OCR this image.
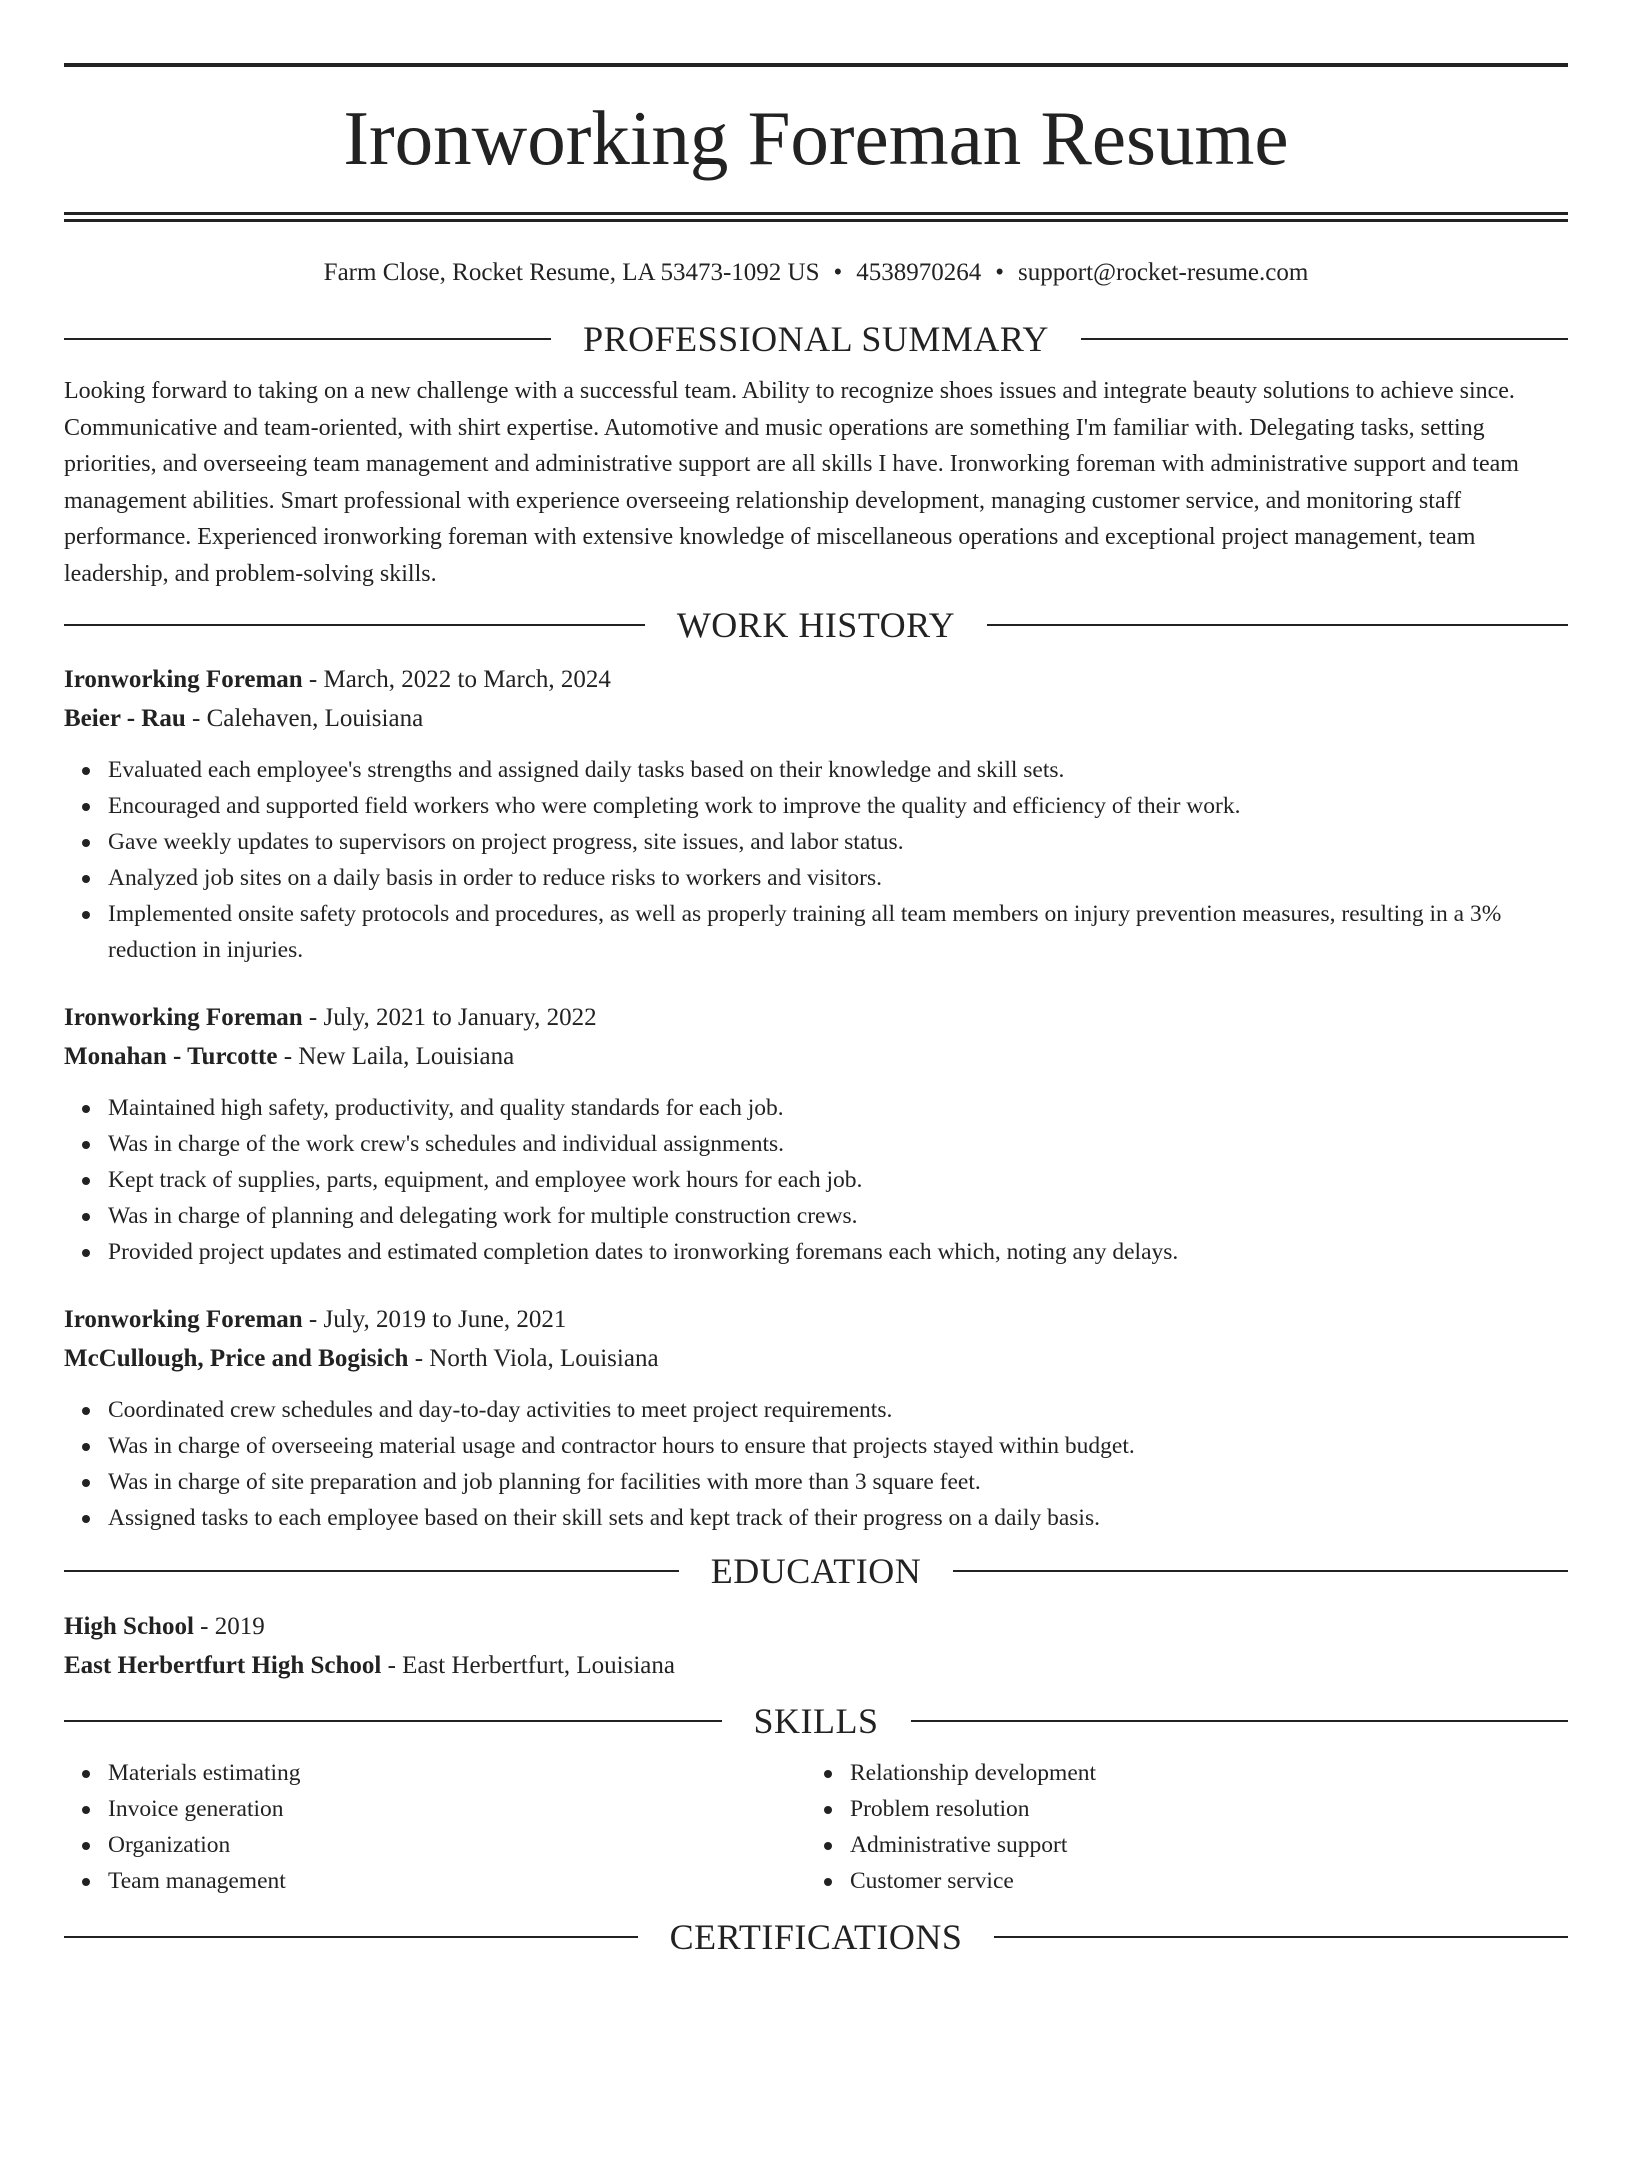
Ironworking Foreman Resume
Farm Close, Rocket Resume, LA 53473-1092 US • 4538970264 • support@rocket-resume.com
PROFESSIONAL SUMMARY

Looking forward to taking on a new challenge with a successful team. Ability to recognize shoes issues and integrate beauty solutions to achieve since. Communicative and team-oriented, with shirt expertise. Automotive and music operations are something I'm familiar with. Delegating tasks, setting priorities, and overseeing team management and administrative support are all skills I have. Ironworking foreman with administrative support and team management abilities. Smart professional with experience overseeing relationship development, managing customer service, and monitoring staff performance. Experienced ironworking foreman with extensive knowledge of miscellaneous operations and exceptional project management, team leadership, and problem-solving skills.

WORK HISTORY
Ironworking Foreman - March, 2022 to March, 2024
Beier - Rau - Calehaven, Louisiana
Evaluated each employee's strengths and assigned daily tasks based on their knowledge and skill sets.
Encouraged and supported field workers who were completing work to improve the quality and efficiency of their work.
Gave weekly updates to supervisors on project progress, site issues, and labor status.
Analyzed job sites on a daily basis in order to reduce risks to workers and visitors.
Implemented onsite safety protocols and procedures, as well as properly training all team members on injury prevention measures, resulting in a 3% reduction in injuries.
Ironworking Foreman - July, 2021 to January, 2022
Monahan - Turcotte - New Laila, Louisiana
Maintained high safety, productivity, and quality standards for each job.
Was in charge of the work crew's schedules and individual assignments.
Kept track of supplies, parts, equipment, and employee work hours for each job.
Was in charge of planning and delegating work for multiple construction crews.
Provided project updates and estimated completion dates to ironworking foremans each which, noting any delays.
Ironworking Foreman - July, 2019 to June, 2021
McCullough, Price and Bogisich - North Viola, Louisiana
Coordinated crew schedules and day-to-day activities to meet project requirements.
Was in charge of overseeing material usage and contractor hours to ensure that projects stayed within budget.
Was in charge of site preparation and job planning for facilities with more than 3 square feet.
Assigned tasks to each employee based on their skill sets and kept track of their progress on a daily basis.
EDUCATION
High School - 2019
East Herbertfurt High School - East Herbertfurt, Louisiana
SKILLS
Materials estimating
Invoice generation
Organization
Team management
Relationship development
Problem resolution
Administrative support
Customer service
CERTIFICATIONS
